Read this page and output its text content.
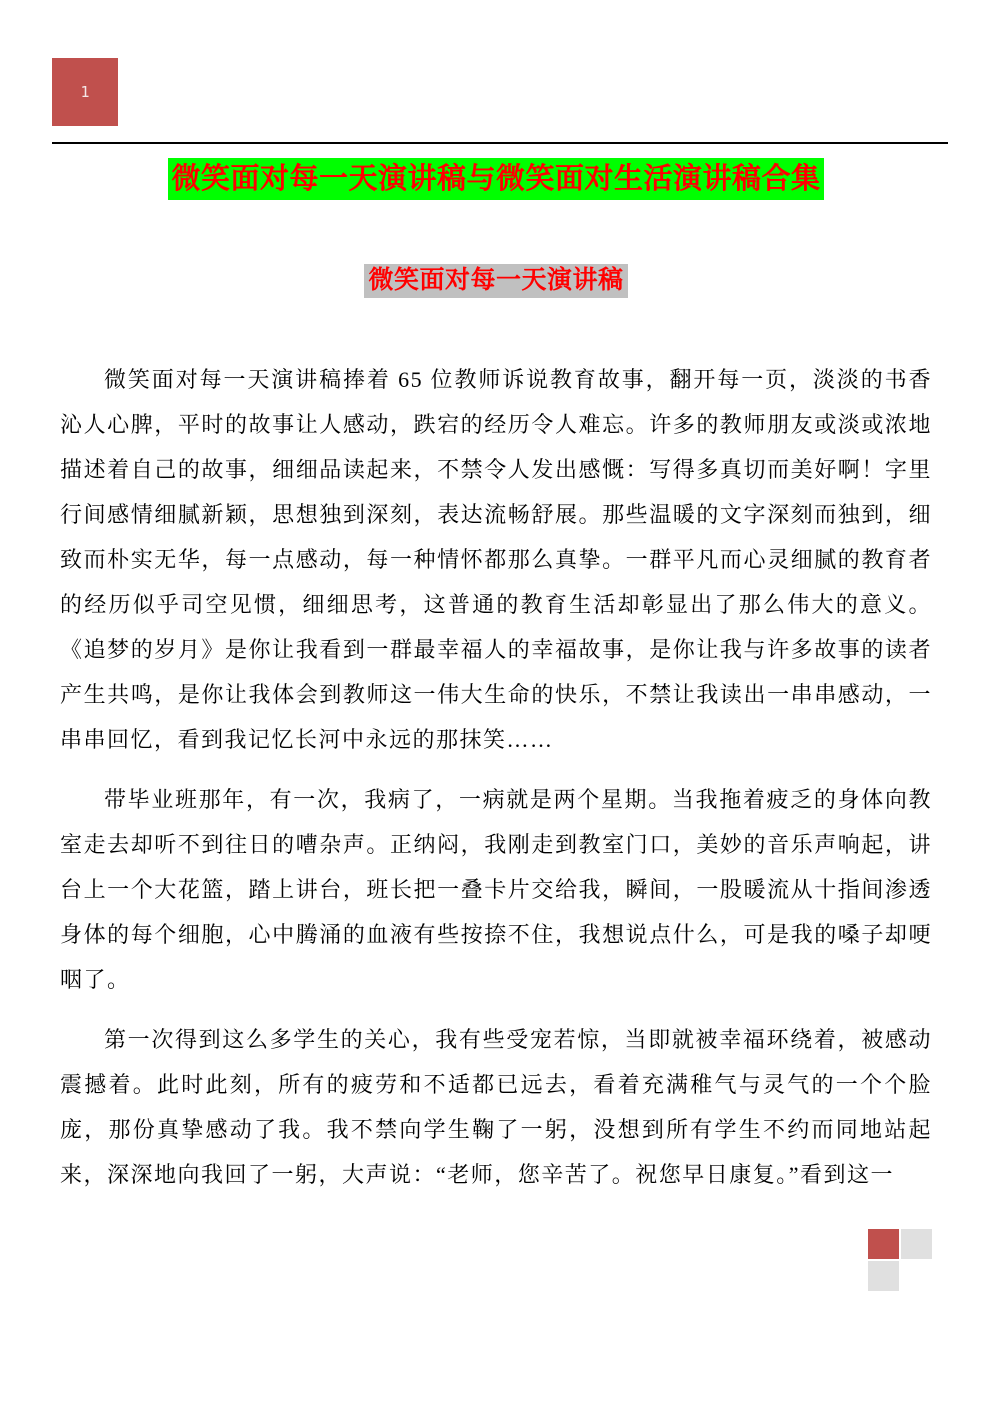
1
微笑面对每一天演讲稿与微笑面对生活演讲稿合集
微笑面对每一天演讲稿

微笑面对每一天演讲稿捧着 65 位教师诉说教育故事，翻开每一页，淡淡的书香沁人心脾，平时的故事让人感动，跌宕的经历令人难忘。许多的教师朋友或淡或浓地描述着自己的故事，细细品读起来，不禁令人发出感慨：写得多真切而美好啊！字里行间感情细腻新颖，思想独到深刻，表达流畅舒展。那些温暖的文字深刻而独到，细致而朴实无华，每一点感动，每一种情怀都那么真挚。一群平凡而心灵细腻的教育者的经历似乎司空见惯，细细思考，这普通的教育生活却彰显出了那么伟大的意义。《追梦的岁月》是你让我看到一群最幸福人的幸福故事，是你让我与许多故事的读者产生共鸣，是你让我体会到教师这一伟大生命的快乐，不禁让我读出一串串感动，一串串回忆，看到我记忆长河中永远的那抹笑……

带毕业班那年，有一次，我病了，一病就是两个星期。当我拖着疲乏的身体向教室走去却听不到往日的嘈杂声。正纳闷，我刚走到教室门口，美妙的音乐声响起，讲台上一个大花篮，踏上讲台，班长把一叠卡片交给我，瞬间，一股暖流从十指间渗透身体的每个细胞，心中腾涌的血液有些按捺不住，我想说点什么，可是我的嗓子却哽咽了。

第一次得到这么多学生的关心，我有些受宠若惊，当即就被幸福环绕着，被感动震撼着。此时此刻，所有的疲劳和不适都已远去，看着充满稚气与灵气的一个个脸庞，那份真挚感动了我。我不禁向学生鞠了一躬，没想到所有学生不约而同地站起来，深深地向我回了一躬，大声说：“老师，您辛苦了。祝您早日康复。”看到这一
